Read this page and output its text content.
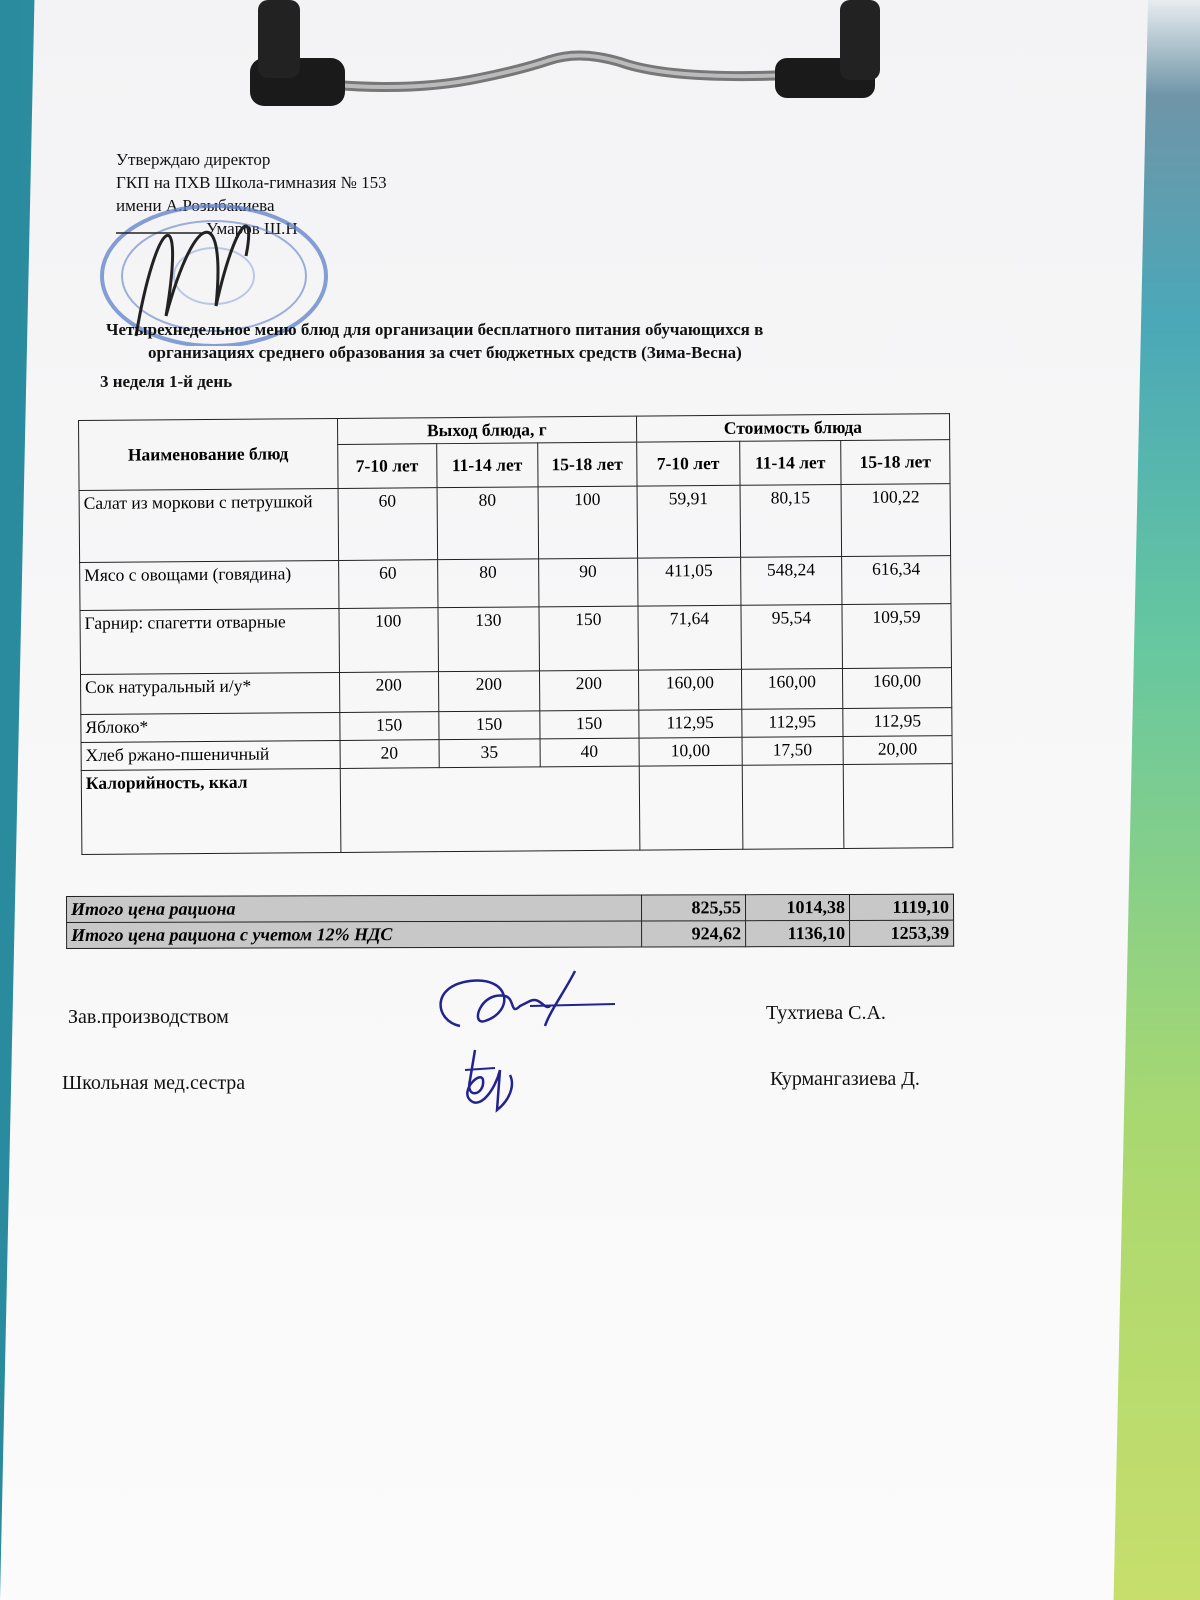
Утверждаю директор
ГКП на ПХВ Школа-гимназия № 153
имени А.Розыбакиева
Умаров Ш.Н
Четырехнедельное меню блюд для организации бесплатного питания обучающихся в
организациях среднего образования за счет бюджетных средств (Зима-Весна)
3 неделя 1-й день
Наименование блюд	Выход блюда, г			Стоимость блюда		
	7-10 лет	11-14 лет	15-18 лет	7-10 лет	11-14 лет	15-18 лет
Салат из моркови с петрушкой	60	80	100	59,91	80,15	100,22
Мясо с овощами (говядина)	60	80	90	411,05	548,24	616,34
Гарнир: спагетти отварные	100	130	150	71,64	95,54	109,59
Сок натуральный и/у*	200	200	200	160,00	160,00	160,00
Яблоко*	150	150	150	112,95	112,95	112,95
Хлеб ржано-пшеничный	20	35	40	10,00	17,50	20,00
Калорийность, ккал						
Итого цена рациона	825,55	1014,38	1119,10
Итого цена рациона с учетом 12% НДС	924,62	1136,10	1253,39
Зав.производством	Тухтиева С.А.
Школьная мед.сестра	Курмангазиева Д.
